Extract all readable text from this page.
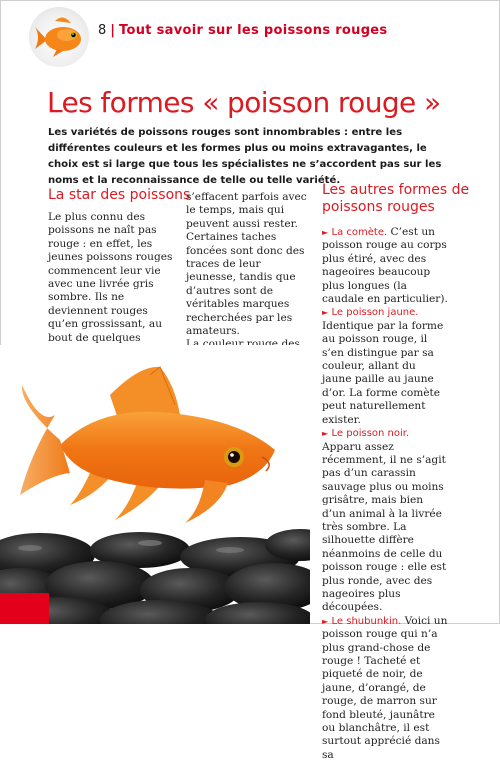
8 | Tout savoir sur les poissons rouges
Les formes « poisson rouge »

Les variétés de poissons rouges sont innombrables : entre les différentes couleurs et les formes plus ou moins extravagantes, le choix est si large que tous les spécialistes ne s’accordent pas sur les noms et la reconnaissance de telle ou telle variété.

La star des poissons

Le plus connu des poissons ne naît pas rouge : en effet, les jeunes poissons rouges commencent leur vie avec une livrée gris sombre. Ils ne deviennent rouges qu’en grossissant, au bout de quelques

s’effacent parfois avec le temps, mais qui peuvent aussi rester. Certaines taches foncées sont donc des traces de leur jeunesse, tandis que d’autres sont de véritables marques recherchées par les amateurs.

Les autres formes de poissons rouges

► La comète. C’est un poisson rouge au corps plus étiré, avec des nageoires beaucoup plus longues (la caudale en particulier).

► Le poisson jaune. Identique par la forme au poisson rouge, il s’en distingue par sa couleur, allant du jaune paille au jaune d’or. La forme comète peut naturellement exister.

► Le poisson noir. Apparu assez récemment, il ne s’agit pas d’un carassin sauvage plus ou moins grisâtre, mais bien d’un animal à la livrée très sombre. La silhouette diffère néanmoins de celle du poisson rouge : elle est plus ronde, avec des nageoires plus découpées.

► Le shubunkin. Voici un poisson rouge qui n’a plus grand-chose de rouge ! Tacheté et piqueté de noir, de jaune, d’orangé, de rouge, de marron sur fond bleuté, jaunâtre ou blanchâtre, il est surtout apprécié dans sa
